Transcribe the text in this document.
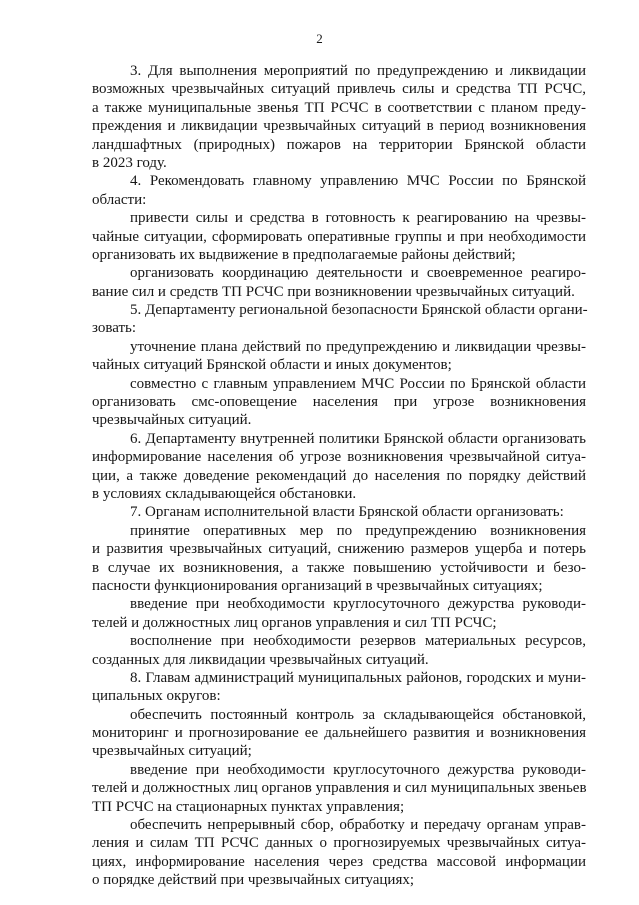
2
3. Для выполнения мероприятий по предупреждению и ликвидации
возможных чрезвычайных ситуаций привлечь силы и средства ТП РСЧС,
а также муниципальные звенья ТП РСЧС в соответствии с планом преду-
преждения и ликвидации чрезвычайных ситуаций в период возникновения
ландшафтных (природных) пожаров на территории Брянской области
в 2023 году.
4. Рекомендовать главному управлению МЧС России по Брянской
области:
привести силы и средства в готовность к реагированию на чрезвы-
чайные ситуации, сформировать оперативные группы и при необходимости
организовать их выдвижение в предполагаемые районы действий;
организовать координацию деятельности и своевременное реагиро-
вание сил и средств ТП РСЧС при возникновении чрезвычайных ситуаций.
5. Департаменту региональной безопасности Брянской области органи-
зовать:
уточнение плана действий по предупреждению и ликвидации чрезвы-
чайных ситуаций Брянской области и иных документов;
совместно с главным управлением МЧС России по Брянской области
организовать смс-оповещение населения при угрозе возникновения
чрезвычайных ситуаций.
6. Департаменту внутренней политики Брянской области организовать
информирование населения об угрозе возникновения чрезвычайной ситуа-
ции, а также доведение рекомендаций до населения по порядку действий
в условиях складывающейся обстановки.
7. Органам исполнительной власти Брянской области организовать:
принятие оперативных мер по предупреждению возникновения
и развития чрезвычайных ситуаций, снижению размеров ущерба и потерь
в случае их возникновения, а также повышению устойчивости и безо-
пасности функционирования организаций в чрезвычайных ситуациях;
введение при необходимости круглосуточного дежурства руководи-
телей и должностных лиц органов управления и сил ТП РСЧС;
восполнение при необходимости резервов материальных ресурсов,
созданных для ликвидации чрезвычайных ситуаций.
8. Главам администраций муниципальных районов, городских и муни-
ципальных округов:
обеспечить постоянный контроль за складывающейся обстановкой,
мониторинг и прогнозирование ее дальнейшего развития и возникновения
чрезвычайных ситуаций;
введение при необходимости круглосуточного дежурства руководи-
телей и должностных лиц органов управления и сил муниципальных звеньев
ТП РСЧС на стационарных пунктах управления;
обеспечить непрерывный сбор, обработку и передачу органам управ-
ления и силам ТП РСЧС данных о прогнозируемых чрезвычайных ситуа-
циях, информирование населения через средства массовой информации
о порядке действий при чрезвычайных ситуациях;
